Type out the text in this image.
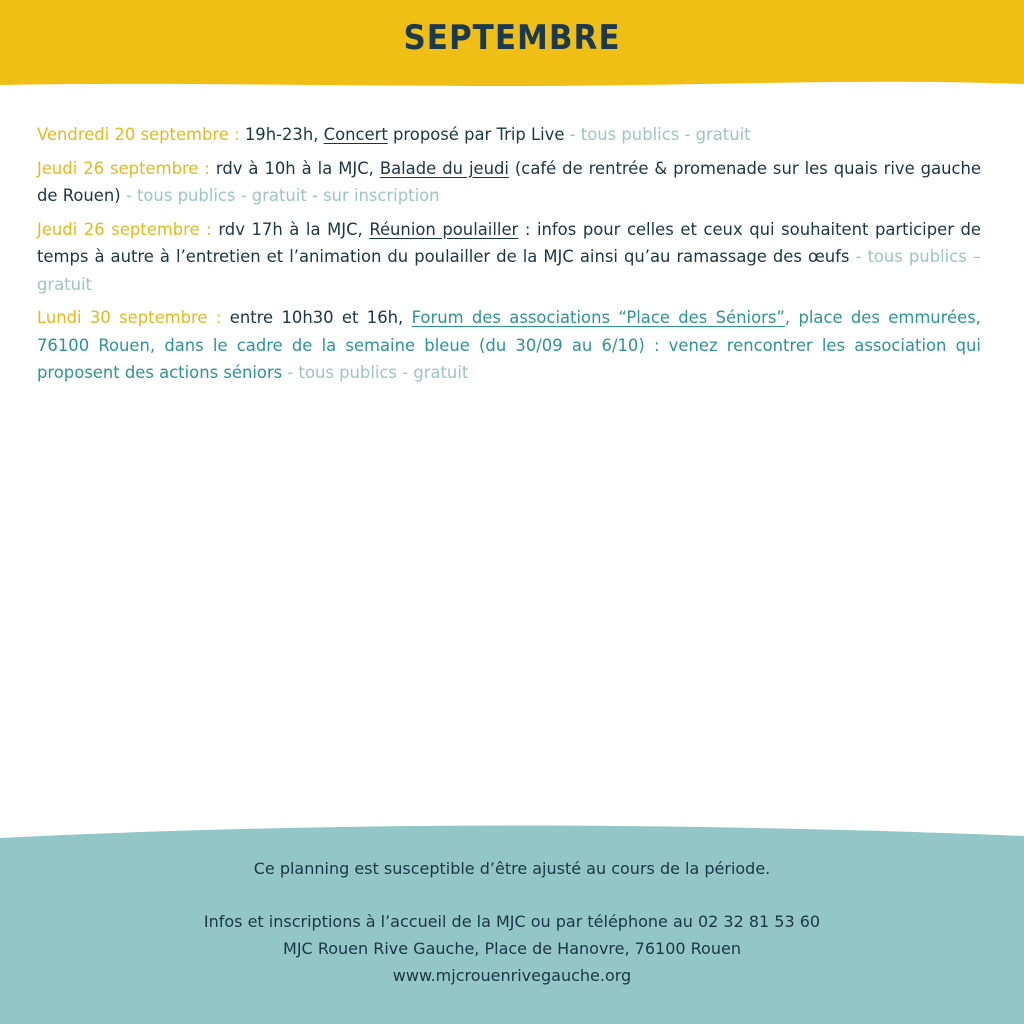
SEPTEMBRE

Vendredi 20 septembre : 19h-23h, Concert proposé par Trip Live - tous publics - gratuit

Jeudi 26 septembre : rdv à 10h à la MJC, Balade du jeudi (café de rentrée & promenade sur les quais rive gauche de Rouen) - tous publics - gratuit - sur inscription

Jeudi 26 septembre : rdv 17h à la MJC, Réunion poulailler : infos pour celles et ceux qui souhaitent participer de temps à autre à l’entretien et l’animation du poulailler de la MJC ainsi qu’au ramassage des œufs - tous publics – gratuit

Lundi 30 septembre : entre 10h30 et 16h, Forum des associations “Place des Séniors”, place des emmurées, 76100 Rouen, dans le cadre de la semaine bleue (du 30/09 au 6/10) : venez rencontrer les association qui proposent des actions séniors - tous publics - gratuit

Ce planning est susceptible d’être ajusté au cours de la période.
Infos et inscriptions à l’accueil de la MJC ou par téléphone au 02 32 81 53 60
MJC Rouen Rive Gauche, Place de Hanovre, 76100 Rouen
www.mjcrouenrivegauche.org
